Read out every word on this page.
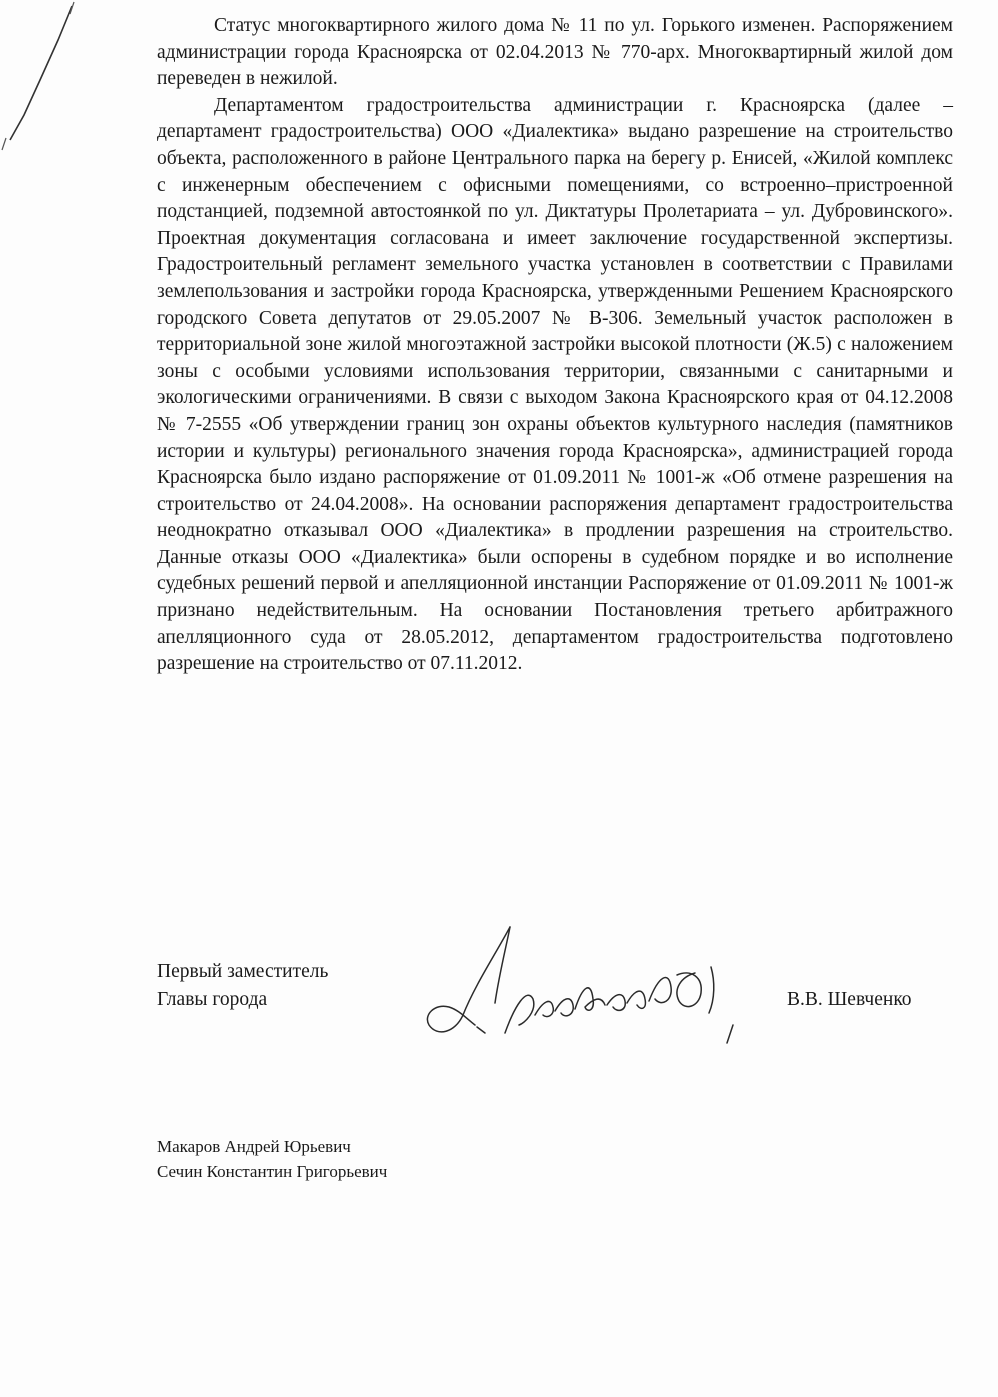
Статус многоквартирного жилого дома № 11 по ул. Горького изменен. Распоряжением администрации города Красноярска от 02.04.2013 № 770-арх. Многоквартирный жилой дом переведен в нежилой.

Департаментом градостроительства администрации г. Красноярска (далее – департамент градостроительства) ООО «Диалектика» выдано разрешение на строительство объекта, расположенного в районе Центрального парка на берегу р. Енисей, «Жилой комплекс с инженерным обеспечением с офисными помещениями, со встроенно–пристроенной подстанцией, подземной автостоянкой по ул. Диктатуры Пролетариата – ул. Дубровинского». Проектная документация согласована и имеет заключение государственной экспертизы. Градостроительный регламент земельного участка установлен в соответствии с Правилами землепользования и застройки города Красноярска, утвержденными Решением Красноярского городского Совета депутатов от 29.05.2007 № В-306. Земельный участок расположен в территориальной зоне жилой многоэтажной застройки высокой плотности (Ж.5) с наложением зоны с особыми условиями использования территории, связанными с санитарными и экологическими ограничениями. В связи с выходом Закона Красноярского края от 04.12.2008 № 7-2555 «Об утверждении границ зон охраны объектов культурного наследия (памятников истории и культуры) регионального значения города Красноярска», администрацией города Красноярска было издано распоряжение от 01.09.2011 № 1001-ж «Об отмене разрешения на строительство от 24.04.2008». На основании распоряжения департамент градостроительства неоднократно отказывал ООО «Диалектика» в продлении разрешения на строительство. Данные отказы ООО «Диалектика» были оспорены в судебном порядке и во исполнение судебных решений первой и апелляционной инстанции Распоряжение от 01.09.2011 № 1001-ж признано недействительным. На основании Постановления третьего арбитражного апелляционного суда от 28.05.2012, департаментом градостроительства подготовлено разрешение на строительство от 07.11.2012.

Первый заместитель
Главы города	В.В. Шевченко
Макаров Андрей Юрьевич
Сечин Константин Григорьевич
